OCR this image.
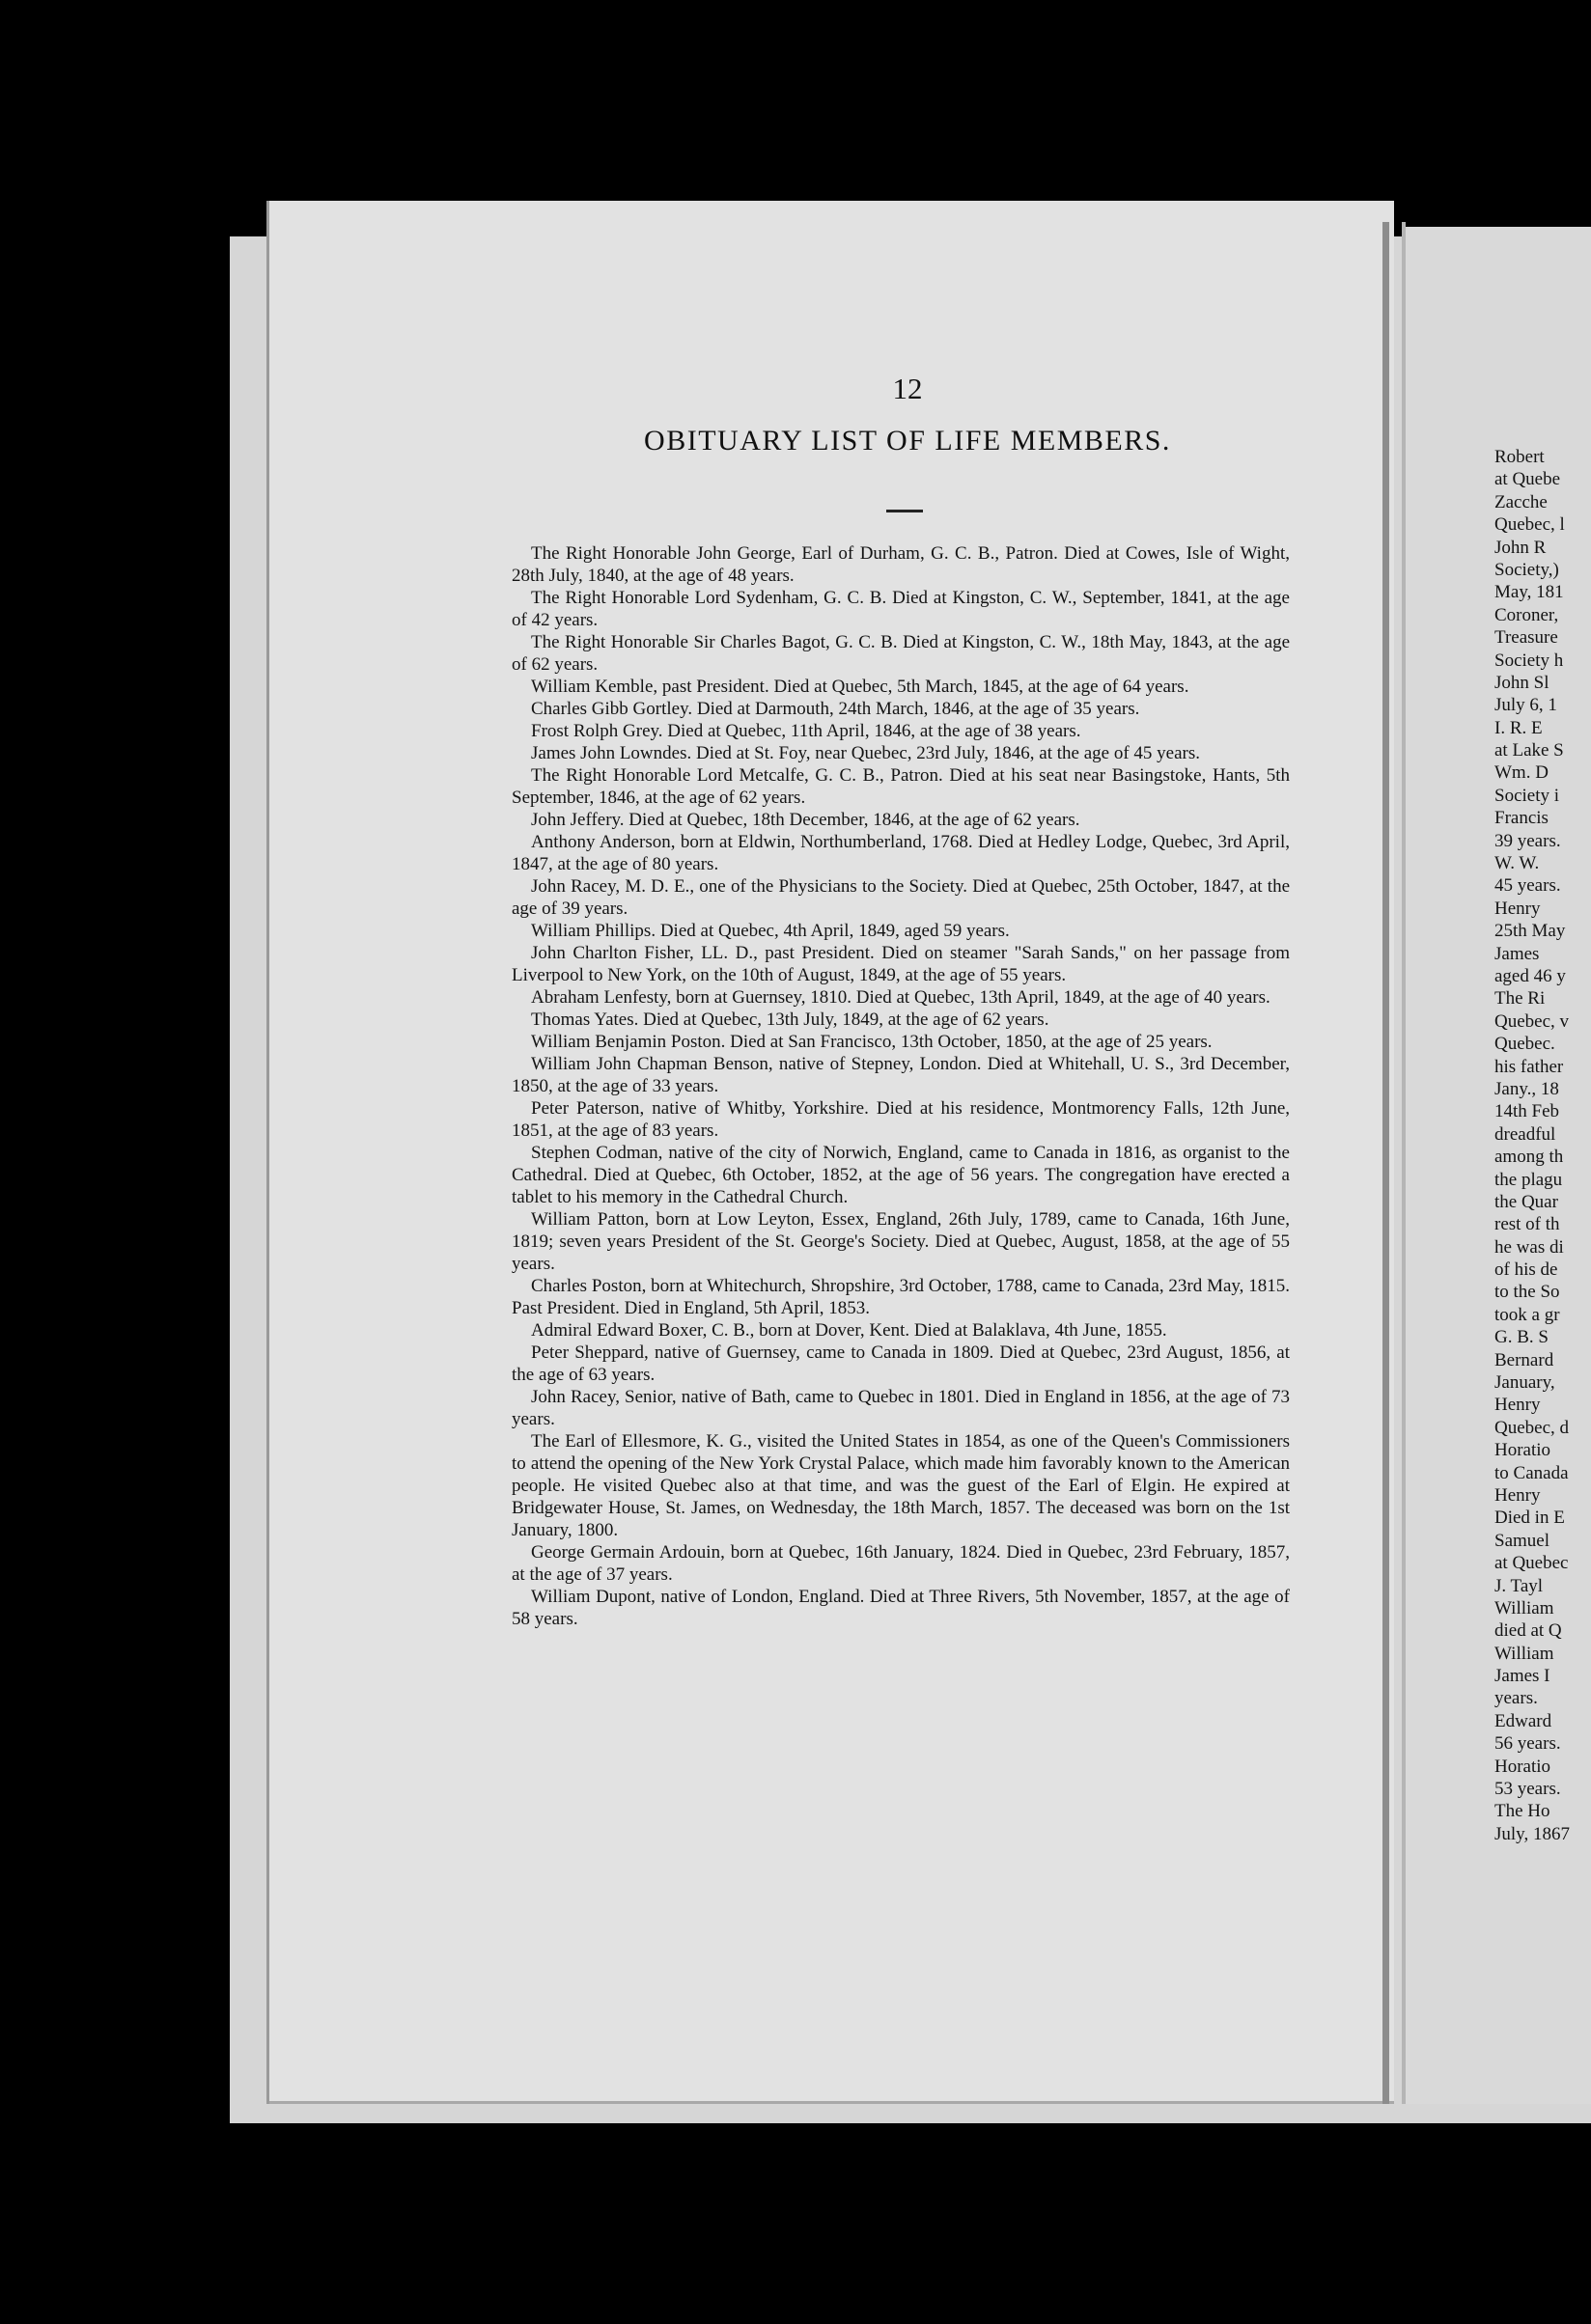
12
OBITUARY LIST OF LIFE MEMBERS.
The Right Honorable John George, Earl of Durham, G. C. B., Patron. Died at Cowes, Isle of Wight, 28th July, 1840, at the age of 48 years.
The Right Honorable Lord Sydenham, G. C. B. Died at Kingston, C. W., September, 1841, at the age of 42 years.
The Right Honorable Sir Charles Bagot, G. C. B. Died at Kingston, C. W., 18th May, 1843, at the age of 62 years.
William Kemble, past President. Died at Quebec, 5th March, 1845, at the age of 64 years.
Charles Gibb Gortley. Died at Darmouth, 24th March, 1846, at the age of 35 years.
Frost Rolph Grey. Died at Quebec, 11th April, 1846, at the age of 38 years.
James John Lowndes. Died at St. Foy, near Quebec, 23rd July, 1846, at the age of 45 years.
The Right Honorable Lord Metcalfe, G. C. B., Patron. Died at his seat near Basingstoke, Hants, 5th September, 1846, at the age of 62 years.
John Jeffery. Died at Quebec, 18th December, 1846, at the age of 62 years.
Anthony Anderson, born at Eldwin, Northumberland, 1768. Died at Hedley Lodge, Quebec, 3rd April, 1847, at the age of 80 years.
John Racey, M. D. E., one of the Physicians to the Society. Died at Quebec, 25th October, 1847, at the age of 39 years.
William Phillips. Died at Quebec, 4th April, 1849, aged 59 years.
John Charlton Fisher, LL. D., past President. Died on steamer "Sarah Sands," on her passage from Liverpool to New York, on the 10th of August, 1849, at the age of 55 years.
Abraham Lenfesty, born at Guernsey, 1810. Died at Quebec, 13th April, 1849, at the age of 40 years.
Thomas Yates. Died at Quebec, 13th July, 1849, at the age of 62 years.
William Benjamin Poston. Died at San Francisco, 13th October, 1850, at the age of 25 years.
William John Chapman Benson, native of Stepney, London. Died at Whitehall, U. S., 3rd December, 1850, at the age of 33 years.
Peter Paterson, native of Whitby, Yorkshire. Died at his residence, Montmorency Falls, 12th June, 1851, at the age of 83 years.
Stephen Codman, native of the city of Norwich, England, came to Canada in 1816, as organist to the Cathedral. Died at Quebec, 6th October, 1852, at the age of 56 years. The congregation have erected a tablet to his memory in the Cathedral Church.
William Patton, born at Low Leyton, Essex, England, 26th July, 1789, came to Canada, 16th June, 1819; seven years President of the St. George's Society. Died at Quebec, August, 1858, at the age of 55 years.
Charles Poston, born at Whitechurch, Shropshire, 3rd October, 1788, came to Canada, 23rd May, 1815. Past President. Died in England, 5th April, 1853.
Admiral Edward Boxer, C. B., born at Dover, Kent. Died at Balaklava, 4th June, 1855.
Peter Sheppard, native of Guernsey, came to Canada in 1809. Died at Quebec, 23rd August, 1856, at the age of 63 years.
John Racey, Senior, native of Bath, came to Quebec in 1801. Died in England in 1856, at the age of 73 years.
The Earl of Ellesmore, K. G., visited the United States in 1854, as one of the Queen's Commissioners to attend the opening of the New York Crystal Palace, which made him favorably known to the American people. He visited Quebec also at that time, and was the guest of the Earl of Elgin. He expired at Bridgewater House, St. James, on Wednesday, the 18th March, 1857. The deceased was born on the 1st January, 1800.
George Germain Ardouin, born at Quebec, 16th January, 1824. Died in Quebec, 23rd February, 1857, at the age of 37 years.
William Dupont, native of London, England. Died at Three Rivers, 5th November, 1857, at the age of 58 years.
Robert
at Quebe
Zacche
Quebec, l
John R
Society,)
May, 181
Coroner,
Treasure
Society h
John Sl
July 6, 1
I. R. E
at Lake S
Wm. D
Society i
Francis
39 years.
W. W.
45 years.
Henry
25th May
James
aged 46 y
The Ri
Quebec, v
Quebec.
his father
Jany., 18
14th Feb
dreadful
among th
the plagu
the Quar
rest of th
he was di
of his de
to the So
took a gr
G. B. S
Bernard
January,
Henry
Quebec, d
Horatio
to Canada
Henry
Died in E
Samuel
at Quebec
J. Tayl
William
died at Q
William
James I
years.
Edward
56 years.
Horatio
53 years.
The Ho
July, 1867
